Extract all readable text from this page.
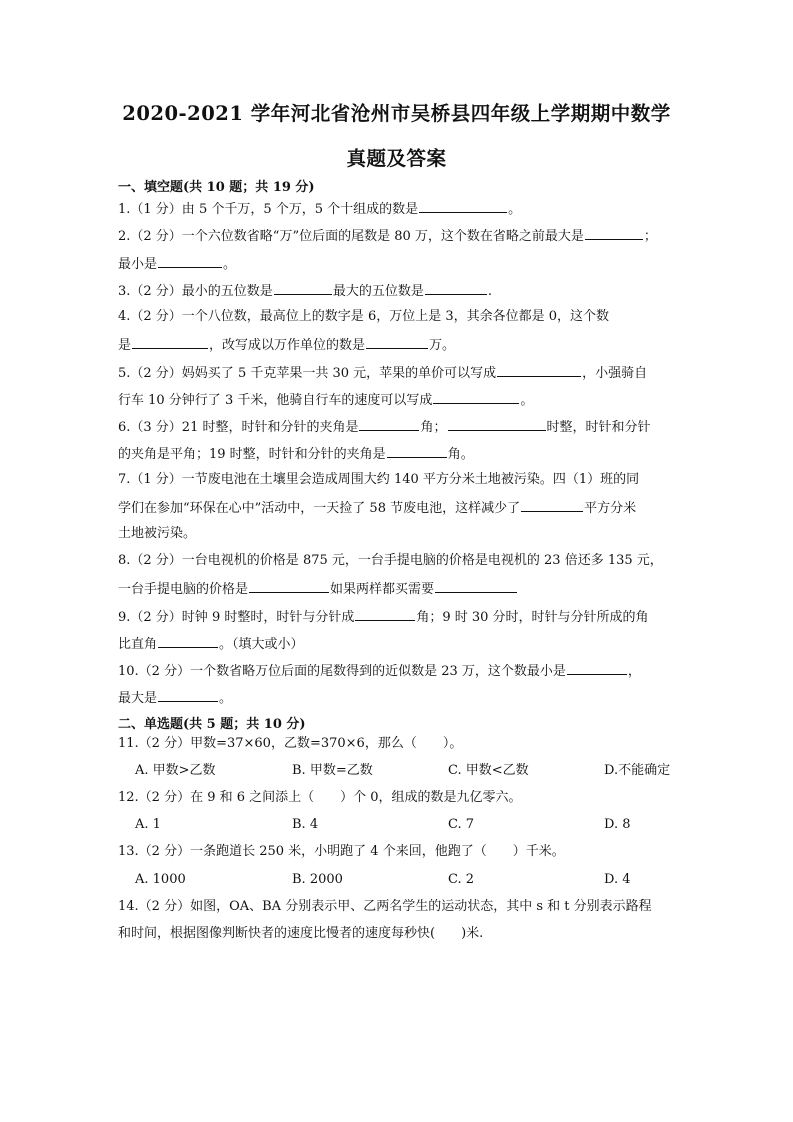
2020-2021 学年河北省沧州市吴桥县四年级上学期期中数学
真题及答案
一、填空题(共 10 题；共 19 分)
1.（1 分）由 5 个千万，5 个万，5 个十组成的数是	。
2.（2 分）一个六位数省略“万”位后面的尾数是 80 万，这个数在省略之前最大是	；
最小是	。
3.（2 分）最小的五位数是	最大的五位数是	.
4.（2 分）一个八位数，最高位上的数字是 6，万位上是 3，其余各位都是 0，这个数
是	，改写成以万作单位的数是	万。
5.（2 分）妈妈买了 5 千克苹果一共 30 元，苹果的单价可以写成	，小强骑自
行车 10 分钟行了 3 千米，他骑自行车的速度可以写成	。
6.（3 分）21 时整，时针和分针的夹角是	角；	时整，时针和分针
的夹角是平角；19 时整，时针和分针的夹角是	角。
7.（1 分）一节废电池在土壤里会造成周围大约 140 平方分米土地被污染。四（1）班的同
学们在参加“环保在心中”活动中，一天捡了 58 节废电池，这样减少了	平方分米
土地被污染。
8.（2 分）一台电视机的价格是 875 元，一台手提电脑的价格是电视机的 23 倍还多 135 元，
一台手提电脑的价格是	如果两样都买需要
9.（2 分）时钟 9 时整时，时针与分针成	角；9 时 30 分时，时针与分针所成的角
比直角	。（填大或小）
10.（2 分）一个数省略万位后面的尾数得到的近似数是 23 万，这个数最小是	，
最大是	。
二、单选题(共 5 题；共 10 分)
11.（2 分）甲数=37×60，乙数=370×6，那么（　　）。
A. 甲数>乙数	B. 甲数=乙数	C. 甲数<乙数	D.不能确定
12.（2 分）在 9 和 6 之间添上（　　）个 0，组成的数是九亿零六。
A. 1	B. 4	C. 7	D. 8
13.（2 分）一条跑道长 250 米，小明跑了 4 个来回，他跑了（　　）千米。
A. 1000	B. 2000	C. 2	D. 4
14.（2 分）如图，OA、BA 分别表示甲、乙两名学生的运动状态，其中 s 和 t 分别表示路程
和时间，根据图像判断快者的速度比慢者的速度每秒快(　　)米.
